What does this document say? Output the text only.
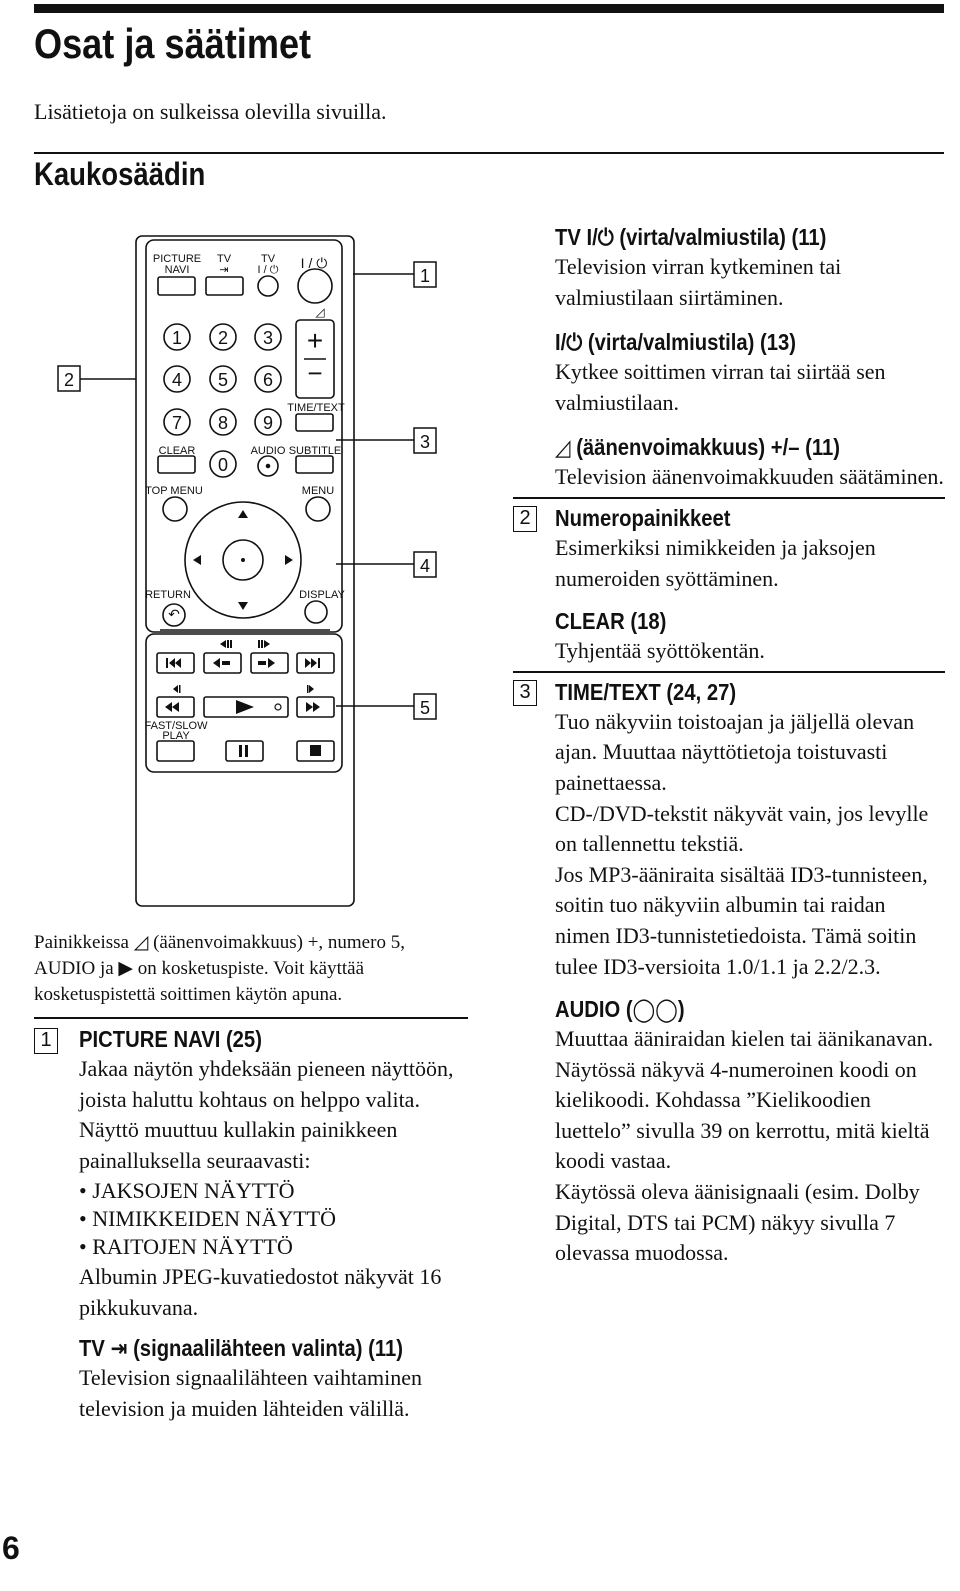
Osat ja säätimet
Lisätietoja on sulkeissa olevilla sivuilla.
Kaukosäädin
PICTURE
NAVI
TV
⇥
TV
I / ⏻ I / ⏻
◿
+
−
TIME/TEXT
SUBTITLE
CLEAR	AUDIO
TOP MENU	MENU
RETURN	DISPLAY
FAST/SLOW
PLAY
↶
1 2 3
4 5 6
7 8 9
0
2
1
3
4
5
Painikkeissa ◿ (äänenvoimakkuus) +, numero 5, AUDIO ja ▶ on kosketuspiste. Voit käyttää kosketuspistettä soittimen käytön apuna.
1 PICTURE NAVI (25)
Jakaa näytön yhdeksään pieneen näyttöön, joista haluttu kohtaus on helppo valita.
Näyttö muuttuu kullakin painikkeen painalluksella seuraavasti:
• JAKSOJEN NÄYTTÖ
• NIMIKKEIDEN NÄYTTÖ
• RAITOJEN NÄYTTÖ
Albumin JPEG-kuvatiedostot näkyvät 16 pikkukuvana.
TV ⇥ (signaalilähteen valinta) (11)
Television signaalilähteen vaihtaminen television ja muiden lähteiden välillä.
TV I/⏻ (virta/valmiustila) (11)
Television virran kytkeminen tai valmiustilaan siirtäminen.
I/⏻ (virta/valmiustila) (13)
Kytkee soittimen virran tai siirtää sen valmiustilaan.
◿ (äänenvoimakkuus) +/– (11)
Television äänenvoimakkuuden säätäminen.
2 Numeropainikkeet
Esimerkiksi nimikkeiden ja jaksojen numeroiden syöttäminen.
CLEAR (18)
Tyhjentää syöttökentän.
3 TIME/TEXT (24, 27)
Tuo näkyviin toistoajan ja jäljellä olevan ajan. Muuttaa näyttötietoja toistuvasti painettaessa.
CD-/DVD-tekstit näkyvät vain, jos levylle on tallennettu tekstiä.
Jos MP3-ääniraita sisältää ID3-tunnisteen, soitin tuo näkyviin albumin tai raidan nimen ID3-tunnistetiedoista. Tämä soitin tulee ID3-versioita 1.0/1.1 ja 2.2/2.3.
AUDIO (◯◯)
Muuttaa ääniraidan kielen tai äänikanavan.
Näytössä näkyvä 4-numeroinen koodi on kielikoodi. Kohdassa ”Kielikoodien luettelo” sivulla 39 on kerrottu, mitä kieltä koodi vastaa.
Käytössä oleva äänisignaali (esim. Dolby Digital, DTS tai PCM) näkyy sivulla 7 olevassa muodossa.
6
